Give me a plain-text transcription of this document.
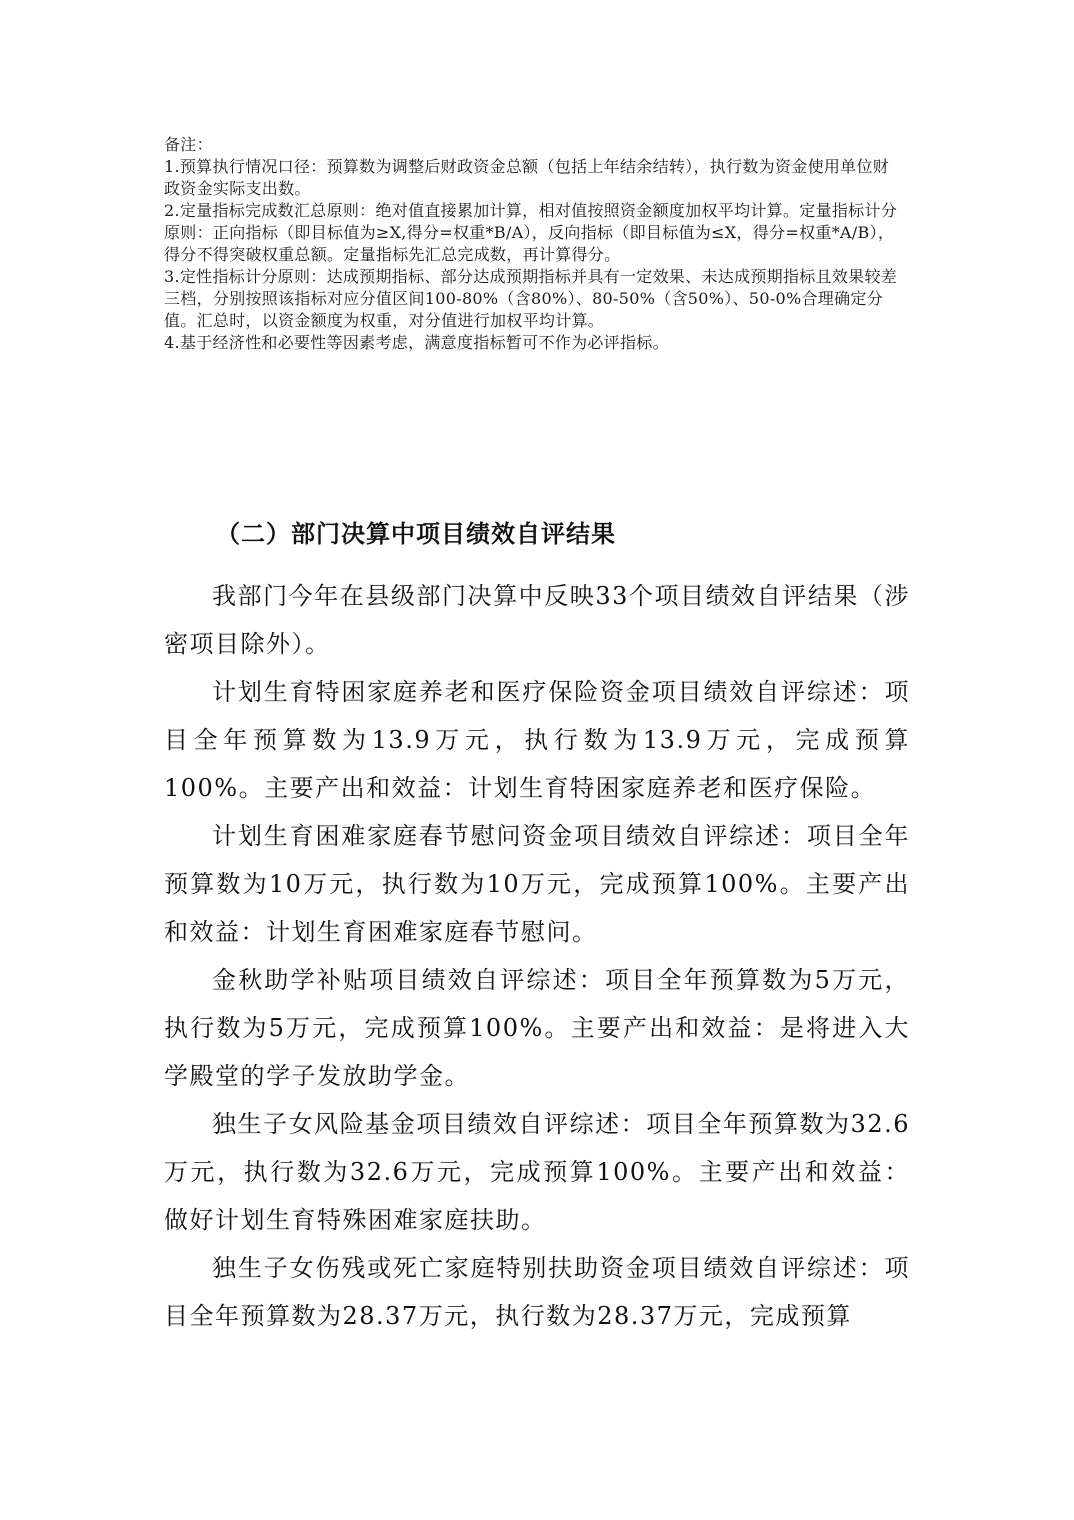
备注：

1.预算执行情况口径：预算数为调整后财政资金总额（包括上年结余结转），执行数为资金使用单位财政资金实际支出数。

2.定量指标完成数汇总原则：绝对值直接累加计算，相对值按照资金额度加权平均计算。定量指标计分原则：正向指标（即目标值为≥X,得分=权重*B/A），反向指标（即目标值为≤X，得分=权重*A/B），得分不得突破权重总额。定量指标先汇总完成数，再计算得分。

3.定性指标计分原则：达成预期指标、部分达成预期指标并具有一定效果、未达成预期指标且效果较差三档，分别按照该指标对应分值区间100-80%（含80%）、80-50%（含50%）、50-0%合理确定分值。汇总时，以资金额度为权重，对分值进行加权平均计算。

4.基于经济性和必要性等因素考虑，满意度指标暂可不作为必评指标。

（二）部门决算中项目绩效自评结果

我部门今年在县级部门决算中反映33个项目绩效自评结果（涉密项目除外）。

计划生育特困家庭养老和医疗保险资金项目绩效自评综述：项目全年预算数为13.9万元，执行数为13.9万元，完成预算100%。主要产出和效益：计划生育特困家庭养老和医疗保险。

计划生育困难家庭春节慰问资金项目绩效自评综述：项目全年预算数为10万元，执行数为10万元，完成预算100%。主要产出和效益：计划生育困难家庭春节慰问。

金秋助学补贴项目绩效自评综述：项目全年预算数为5万元，执行数为5万元，完成预算100%。主要产出和效益：是将进入大学殿堂的学子发放助学金。

独生子女风险基金项目绩效自评综述：项目全年预算数为32.6万元，执行数为32.6万元，完成预算100%。主要产出和效益：做好计划生育特殊困难家庭扶助。

独生子女伤残或死亡家庭特别扶助资金项目绩效自评综述：项目全年预算数为28.37万元，执行数为28.37万元，完成预算
